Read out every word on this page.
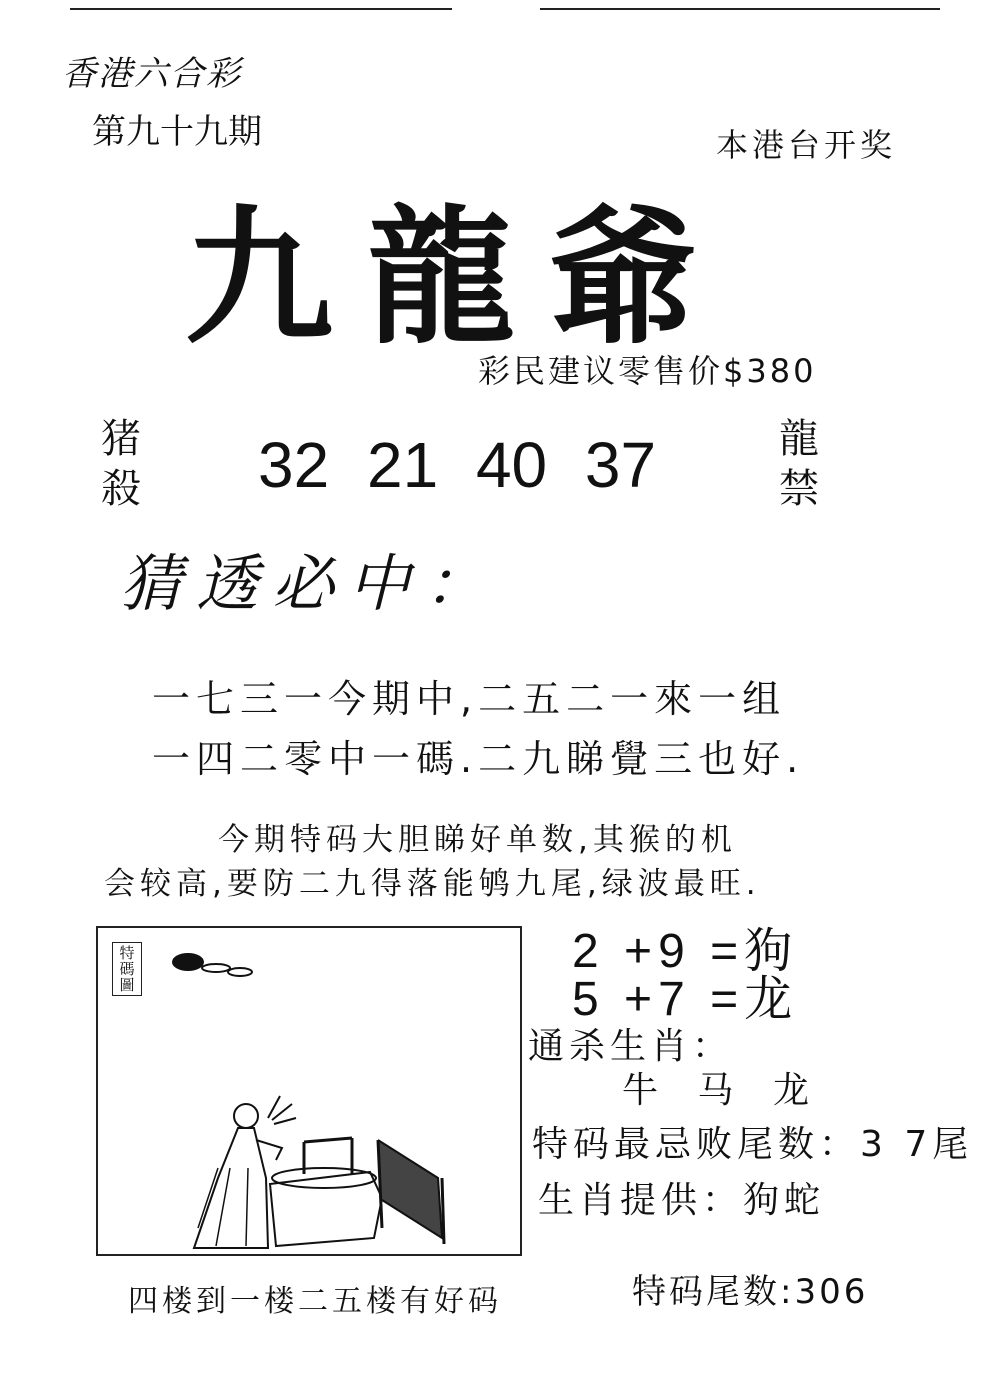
香港六合彩
第九十九期	本港台开奖
九龍爺
彩民建议零售价$380
猪
殺 32 21 40 37	龍
禁
猜透必中：
一七三一今期中,二五二一來一组
一四二零中一碼.二九睇覺三也好.
今期特码大胆睇好单数,其猴的机
会较高,要防二九得落能鸲九尾,绿波最旺.
特碼圖
2 +9 =狗
5 +7 =龙
通杀生肖：
牛 马 龙
特码最忌败尾数：3 7尾
生肖提供：狗蛇
四楼到一楼二五楼有好码	特码尾数:306
